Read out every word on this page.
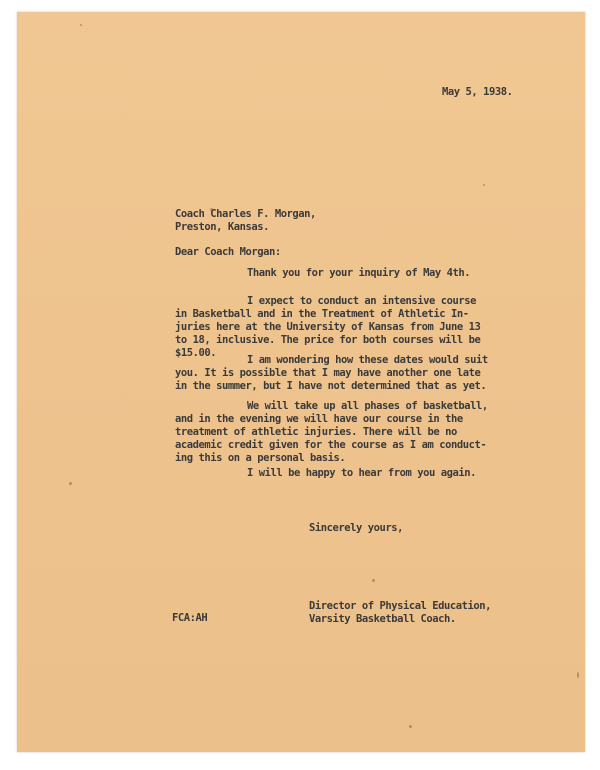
May 5, 1938.
Coach Charles F. Morgan,
Preston, Kansas.
Dear Coach Morgan:
Thank you for your inquiry of May 4th.
I expect to conduct an intensive course
in Basketball and in the Treatment of Athletic In-
juries here at the University of Kansas from June 13
to 18, inclusive. The price for both courses will be
$15.00.
I am wondering how these dates would suit
you. It is possible that I may have another one late
in the summer, but I have not determined that as yet.
We will take up all phases of basketball,
and in the evening we will have our course in the
treatment of athletic injuries. There will be no
academic credit given for the course as I am conduct-
ing this on a personal basis.
I will be happy to hear from you again.
Sincerely yours,
FCA:AH
Director of Physical Education,
Varsity Basketball Coach.
